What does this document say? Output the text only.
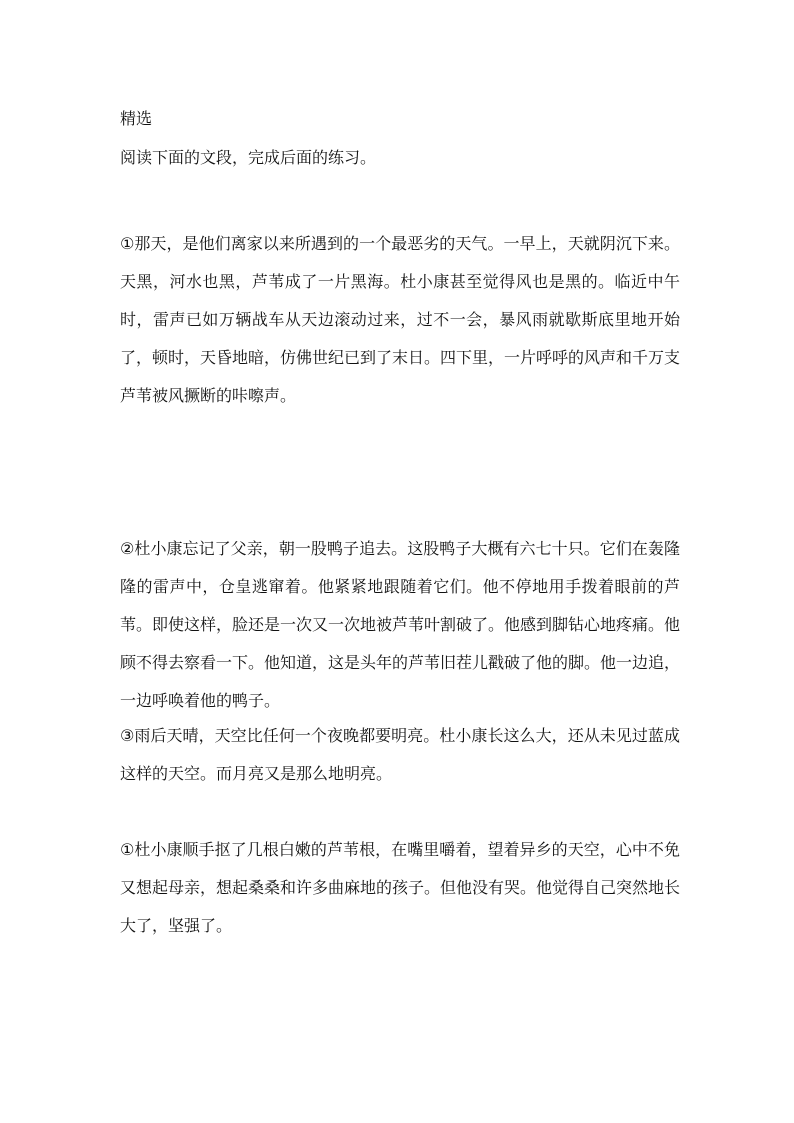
精选
阅读下面的文段，完成后面的练习。
①那天，是他们离家以来所遇到的一个最恶劣的天气。一早上，天就阴沉下来。天黑，河水也黑，芦苇成了一片黑海。杜小康甚至觉得风也是黑的。临近中午时，雷声已如万辆战车从天边滚动过来，过不一会，暴风雨就歇斯底里地开始了，顿时，天昏地暗，仿佛世纪已到了末日。四下里，一片呼呼的风声和千万支芦苇被风撅断的咔嚓声。
②杜小康忘记了父亲，朝一股鸭子追去。这股鸭子大概有六七十只。它们在轰隆隆的雷声中，仓皇逃窜着。他紧紧地跟随着它们。他不停地用手拨着眼前的芦苇。即使这样，脸还是一次又一次地被芦苇叶割破了。他感到脚钻心地疼痛。他顾不得去察看一下。他知道，这是头年的芦苇旧茬儿戳破了他的脚。他一边追，一边呼唤着他的鸭子。
③雨后天晴，天空比任何一个夜晚都要明亮。杜小康长这么大，还从未见过蓝成这样的天空。而月亮又是那么地明亮。
①杜小康顺手抠了几根白嫩的芦苇根，在嘴里嚼着，望着异乡的天空，心中不免又想起母亲，想起桑桑和许多曲麻地的孩子。但他没有哭。他觉得自己突然地长大了，坚强了。
